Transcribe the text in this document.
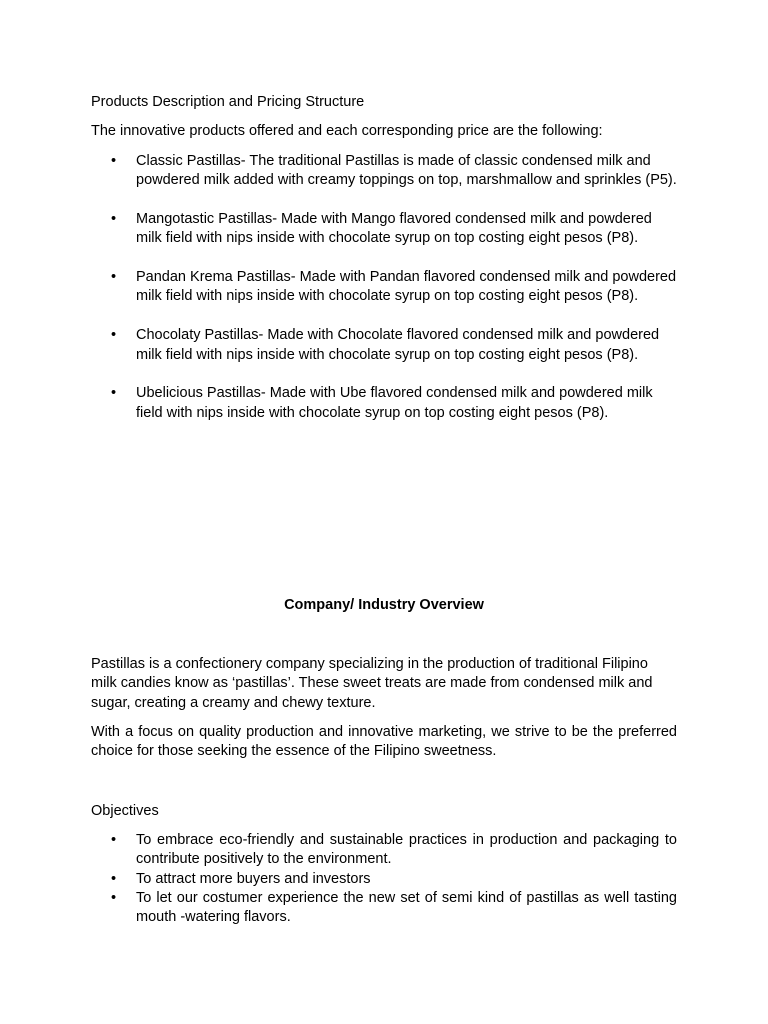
Products Description and Pricing Structure

The innovative products offered and each corresponding price are the following:

• Classic Pastillas- The traditional Pastillas is made of classic condensed milk and powdered milk added with creamy toppings on top, marshmallow and sprinkles (P5).
• Mangotastic Pastillas- Made with Mango flavored condensed milk and powdered milk field with nips inside with chocolate syrup on top costing eight pesos (P8).
• Pandan Krema Pastillas- Made with Pandan flavored condensed milk and powdered milk field with nips inside with chocolate syrup on top costing eight pesos (P8).
• Chocolaty Pastillas- Made with Chocolate flavored condensed milk and powdered milk field with nips inside with chocolate syrup on top costing eight pesos (P8).
• Ubelicious Pastillas- Made with Ube flavored condensed milk and powdered milk field with nips inside with chocolate syrup on top costing eight pesos (P8).

Company/ Industry Overview

Pastillas is a confectionery company specializing in the production of traditional Filipino milk candies know as ‘pastillas’. These sweet treats are made from condensed milk and sugar, creating a creamy and chewy texture.

With a focus on quality production and innovative marketing, we strive to be the preferred choice for those seeking the essence of the Filipino sweetness.

Objectives

• To embrace eco-friendly and sustainable practices in production and packaging to contribute positively to the environment.
• To attract more buyers and investors
• To let our costumer experience the new set of semi kind of pastillas as well tasting mouth -watering flavors.
